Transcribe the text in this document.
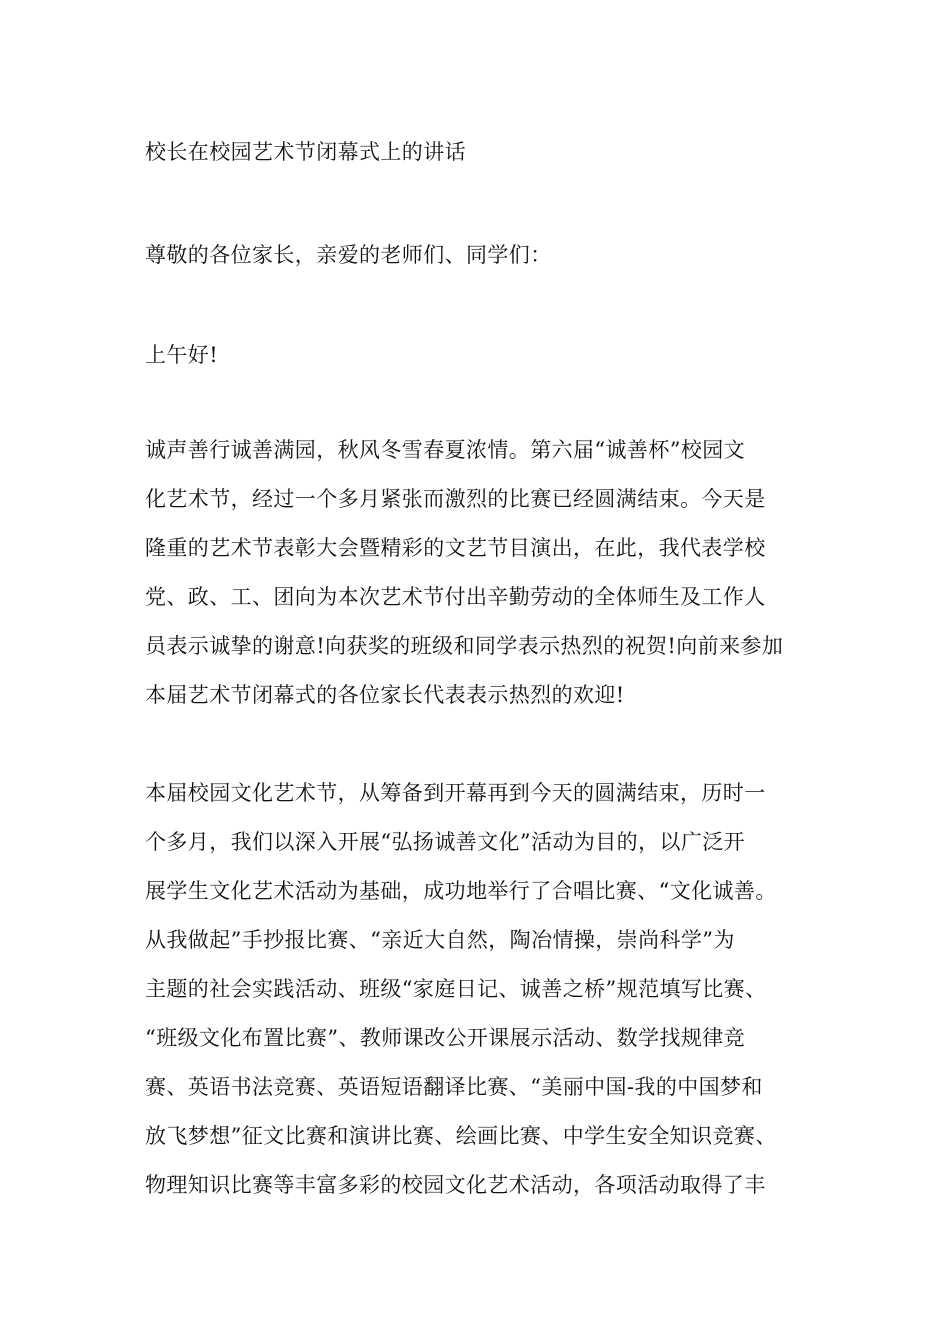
校长在校园艺术节闭幕式上的讲话
尊敬的各位家长，亲爱的老师们、同学们：
上午好!
诚声善行诚善满园，秋风冬雪春夏浓情。第六届“诚善杯”校园文
化艺术节，经过一个多月紧张而激烈的比赛已经圆满结束。今天是
隆重的艺术节表彰大会暨精彩的文艺节目演出，在此，我代表学校
党、政、工、团向为本次艺术节付出辛勤劳动的全体师生及工作人
员表示诚挚的谢意!向获奖的班级和同学表示热烈的祝贺!向前来参加
本届艺术节闭幕式的各位家长代表表示热烈的欢迎!
本届校园文化艺术节，从筹备到开幕再到今天的圆满结束，历时一
个多月，我们以深入开展“弘扬诚善文化”活动为目的，以广泛开
展学生文化艺术活动为基础，成功地举行了合唱比赛、“文化诚善。
从我做起”手抄报比赛、“亲近大自然，陶冶情操，崇尚科学”为
主题的社会实践活动、班级“家庭日记、诚善之桥”规范填写比赛、
“班级文化布置比赛”、教师课改公开课展示活动、数学找规律竞
赛、英语书法竞赛、英语短语翻译比赛、“美丽中国-我的中国梦和
放飞梦想”征文比赛和演讲比赛、绘画比赛、中学生安全知识竞赛、
物理知识比赛等丰富多彩的校园文化艺术活动，各项活动取得了丰
